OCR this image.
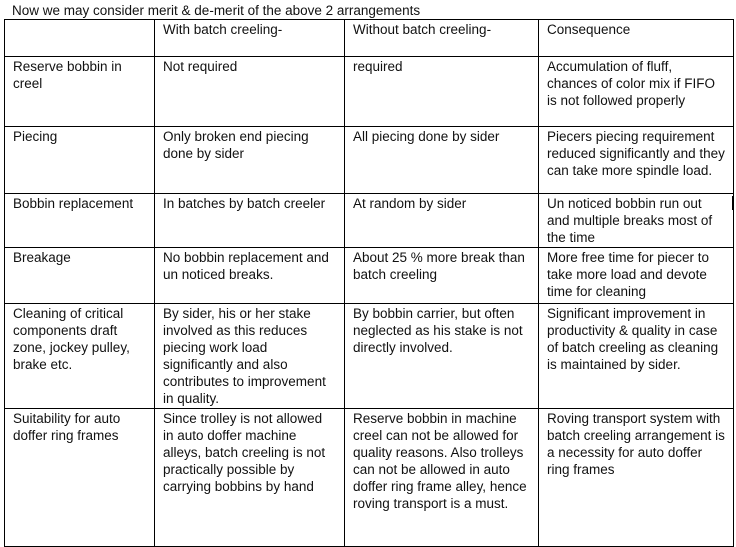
Now we may consider merit & de-merit of the above 2 arrangements
	With batch creeling-	Without batch creeling-	Consequence
Reserve bobbin in creel	Not required	required	Accumulation of fluff, chances of color mix if FIFO is not followed properly
Piecing	Only broken end piecing done by sider	All piecing done by sider	Piecers piecing requirement reduced significantly and they can take more spindle load.
Bobbin replacement	In batches by batch creeler	At random by sider	Un noticed bobbin run out and multiple breaks most of the time
Breakage	No bobbin replacement and un noticed breaks.	About 25 % more break than batch creeling	More free time for piecer to take more load and devote time for cleaning
Cleaning of critical components draft zone, jockey pulley, brake etc.	By sider, his or her stake involved as this reduces piecing work load significantly and also contributes to improvement in quality.	By bobbin carrier, but often neglected as his stake is not directly involved.	Significant improvement in productivity & quality in case of batch creeling as cleaning is maintained by sider.
Suitability for auto doffer ring frames	Since trolley is not allowed in auto doffer machine alleys, batch creeling is not practically possible by carrying bobbins by hand	Reserve bobbin in machine creel can not be allowed for quality reasons. Also trolleys can not be allowed in auto doffer ring frame alley, hence roving transport is a must.	Roving transport system with batch creeling arrangement is a necessity for auto doffer ring frames
